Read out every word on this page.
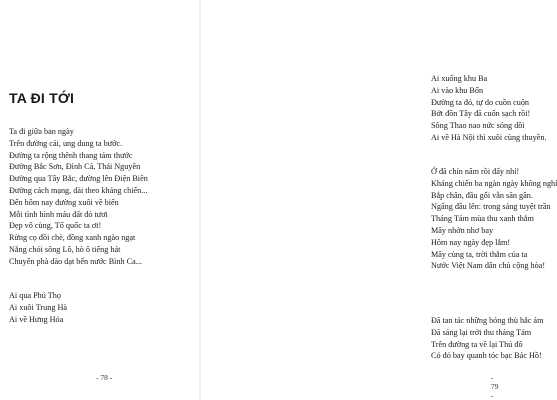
TA ĐI TỚI
Ta đi giữa ban ngày
Trên đường cái, ung dung ta bước.
Đường ta rộng thênh thang tám thước
Đường Bắc Sơn, Đình Cả, Thái Nguyên
Đường qua Tây Bắc, đường lên Điện Biên
Đường cách mạng, dài theo kháng chiến...
Đến hôm nay đường xuôi về biển
Mỗi tình hình máu đất đỏ tươi
Đẹp vô cùng, Tổ quốc ta ơi!
Rừng cọ đồi chè, đồng xanh ngào ngạt
Nắng chói sông Lô, hò ô tiếng hát
Chuyến phà dào dạt bến nước Bình Ca...
Ai qua Phú Thọ
Ai xuôi Trung Hà
Ai về Hưng Hóa
- 78 -
Ai xuống khu Ba
Ai vào khu Bốn
Đường ta đó, tự do cuồn cuộn
Bớt đồn Tây đã cuốn sạch rồi!
Sông Thao nao nức sóng dồi
Ai về Hà Nội thì xuôi cùng thuyền.
Ở đã chín năm rồi đấy nhỉ!
Kháng chiến ba ngàn ngày không nghỉ
Bắp chân, đầu gối vẫn săn gân.
Ngẩng đầu lên: trong sáng tuyệt trần
Tháng Tám mùa thu xanh thắm
Mây nhởn nhơ bay
Hôm nay ngày đẹp lắm!
Mây cùng ta, trời thắm của ta
Nước Việt Nam dân chủ cộng hòa!
Đã tan tác những bóng thù hắc ám
Đã sáng lại trời thu tháng Tám
Trên đường ta về lại Thủ đô
Có đỏ bay quanh tóc bạc Bác Hồ!
- 79 -
